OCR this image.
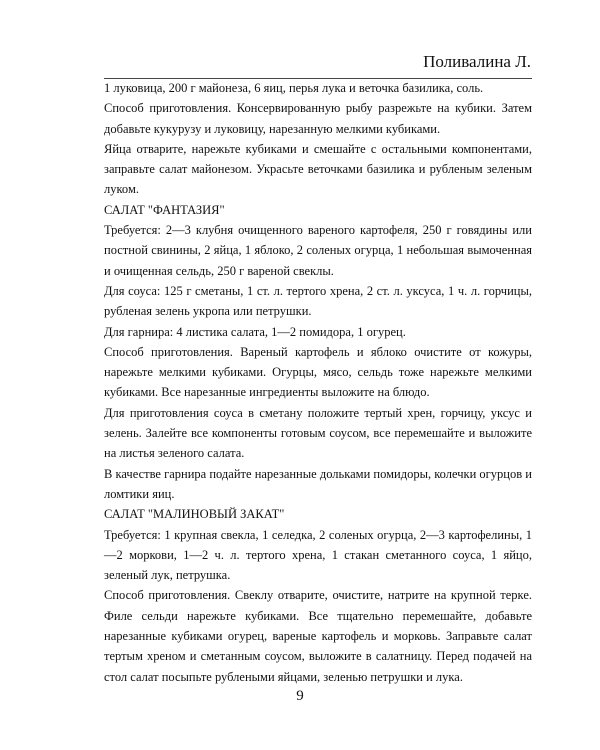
Поливалина Л.

1 луковица, 200 г майонеза, 6 яиц, перья лука и веточка базилика, соль.

Способ приготовления. Консервированную рыбу разрежьте на кубики. Затем добавьте кукурузу и луковицу, нарезанную мелкими кубиками.

Яйца отварите, нарежьте кубиками и смешайте с остальными компонентами, заправьте салат майонезом. Украсьте веточками базилика и рубленым зеленым луком.

САЛАТ "ФАНТАЗИЯ"

Требуется: 2—3 клубня очищенного вареного картофеля, 250 г говядины или постной свинины, 2 яйца, 1 яблоко, 2 соленых огурца, 1 небольшая вымоченная и очищенная сельдь, 250 г вареной свеклы.

Для соуса: 125 г сметаны, 1 ст. л. тертого хрена, 2 ст. л. уксуса, 1 ч. л. горчицы, рубленая зелень укропа или петрушки.

Для гарнира: 4 листика салата, 1—2 помидора, 1 огурец.

Способ приготовления. Вареный картофель и яблоко очистите от кожуры, нарежьте мелкими кубиками. Огурцы, мясо, сельдь тоже нарежьте мелкими кубиками. Все нарезанные ингредиенты выложите на блюдо.

Для приготовления соуса в сметану положите тертый хрен, горчицу, уксус и зелень. Залейте все компоненты готовым соусом, все перемешайте и выложите на листья зеленого салата.

В качестве гарнира подайте нарезанные дольками помидоры, колечки огурцов и ломтики яиц.

САЛАТ "МАЛИНОВЫЙ ЗАКАТ"

Требуется: 1 крупная свекла, 1 селедка, 2 соленых огурца, 2—3 картофелины, 1—2 моркови, 1—2 ч. л. тертого хрена, 1 стакан сметанного соуса, 1 яйцо, зеленый лук, петрушка.

Способ приготовления. Свеклу отварите, очистите, натрите на крупной терке. Филе сельди нарежьте кубиками. Все тщательно перемешайте, добавьте нарезанные кубиками огурец, вареные картофель и морковь. Заправьте салат тертым хреном и сметанным соусом, выложите в салатницу. Перед подачей на стол салат посыпьте рублеными яйцами, зеленью петрушки и лука.

9
